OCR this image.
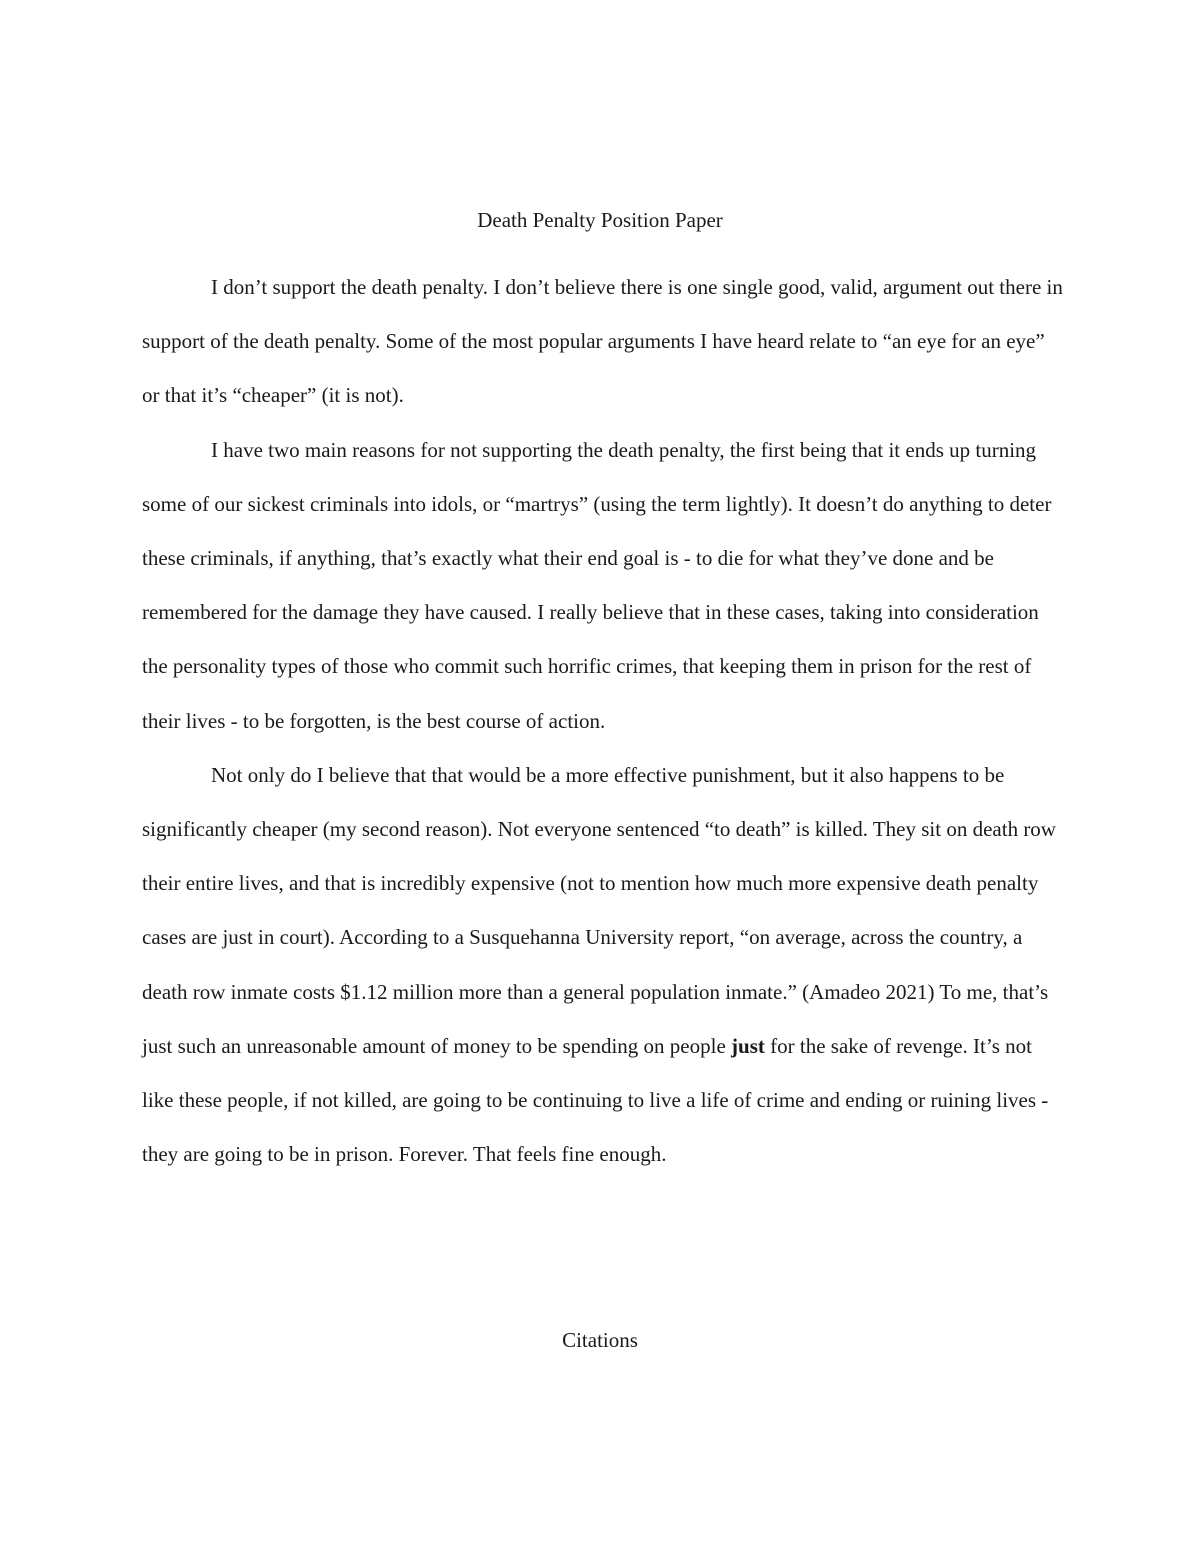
Death Penalty Position Paper

I don’t support the death penalty. I don’t believe there is one single good, valid, argument out there in support of the death penalty. Some of the most popular arguments I have heard relate to “an eye for an eye” or that it’s “cheaper” (it is not).

I have two main reasons for not supporting the death penalty, the first being that it ends up turning some of our sickest criminals into idols, or “martrys” (using the term lightly). It doesn’t do anything to deter these criminals, if anything, that’s exactly what their end goal is - to die for what they’ve done and be remembered for the damage they have caused. I really believe that in these cases, taking into consideration the personality types of those who commit such horrific crimes, that keeping them in prison for the rest of their lives - to be forgotten, is the best course of action.

Not only do I believe that that would be a more effective punishment, but it also happens to be significantly cheaper (my second reason). Not everyone sentenced “to death” is killed. They sit on death row their entire lives, and that is incredibly expensive (not to mention how much more expensive death penalty cases are just in court). According to a Susquehanna University report, “on average, across the country, a death row inmate costs $1.12 million more than a general population inmate.” (Amadeo 2021) To me, that’s just such an unreasonable amount of money to be spending on people just for the sake of revenge. It’s not like these people, if not killed, are going to be continuing to live a life of crime and ending or ruining lives - they are going to be in prison. Forever. That feels fine enough.

Citations
